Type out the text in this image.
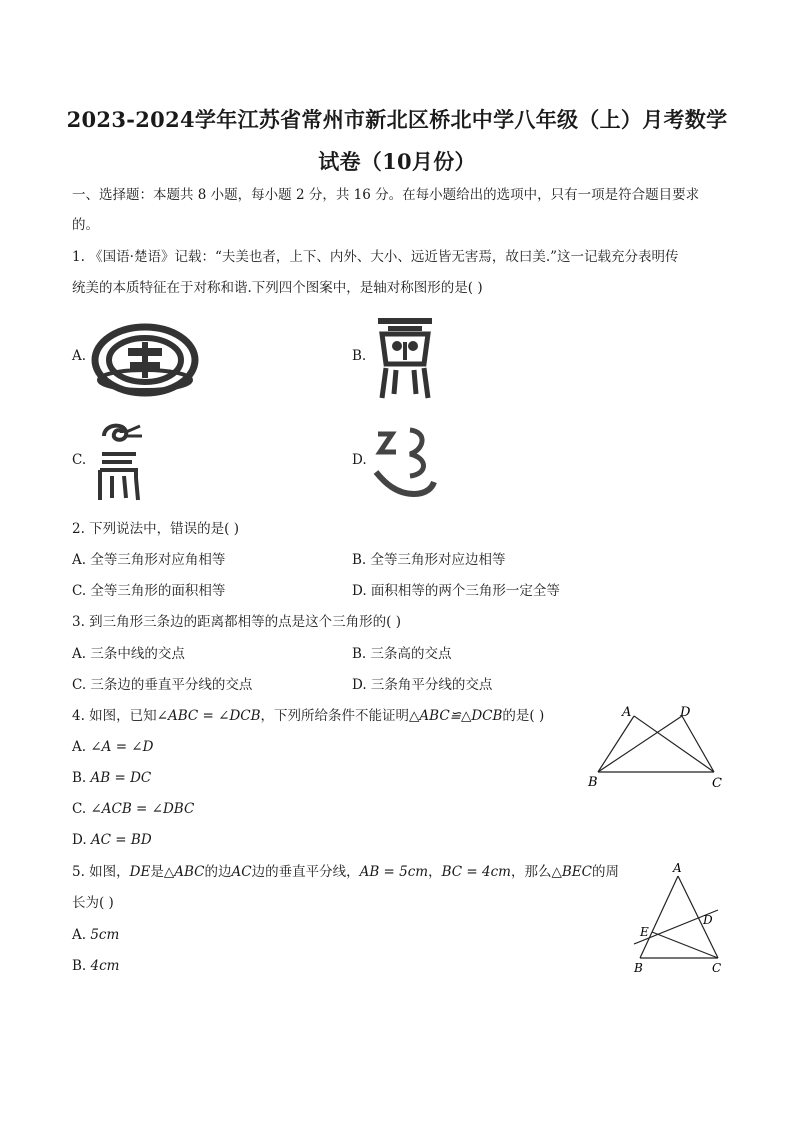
2023-2024学年江苏省常州市新北区桥北中学八年级（上）月考数学
试卷（10月份）
一、选择题：本题共 8 小题，每小题 2 分，共 16 分。在每小题给出的选项中，只有一项是符合题目要求
的。
1. 《国语·楚语》记载：“夫美也者，上下、内外、大小、远近皆无害焉，故曰美.”这一记载充分表明传
统美的本质特征在于对称和谐.下列四个图案中，是轴对称图形的是( )
A.	B.
C.	D.
2. 下列说法中，错误的是( )
A. 全等三角形对应角相等	B. 全等三角形对应边相等
C. 全等三角形的面积相等	D. 面积相等的两个三角形一定全等
3. 到三角形三条边的距离都相等的点是这个三角形的( )
A. 三条中线的交点	B. 三条高的交点
C. 三条边的垂直平分线的交点	D. 三条角平分线的交点
4. 如图，已知∠ABC = ∠DCB，下列所给条件不能证明△ABC≌△DCB的是( )
A. ∠A = ∠D
B. AB = DC
C. ∠ACB = ∠DBC
D. AC = BD
A	D
B	C
5. 如图，DE是△ABC的边AC边的垂直平分线，AB = 5cm，BC = 4cm，那么△BEC的周
长为( )
A. 5cm
B. 4cm
A
D
E
B	C
